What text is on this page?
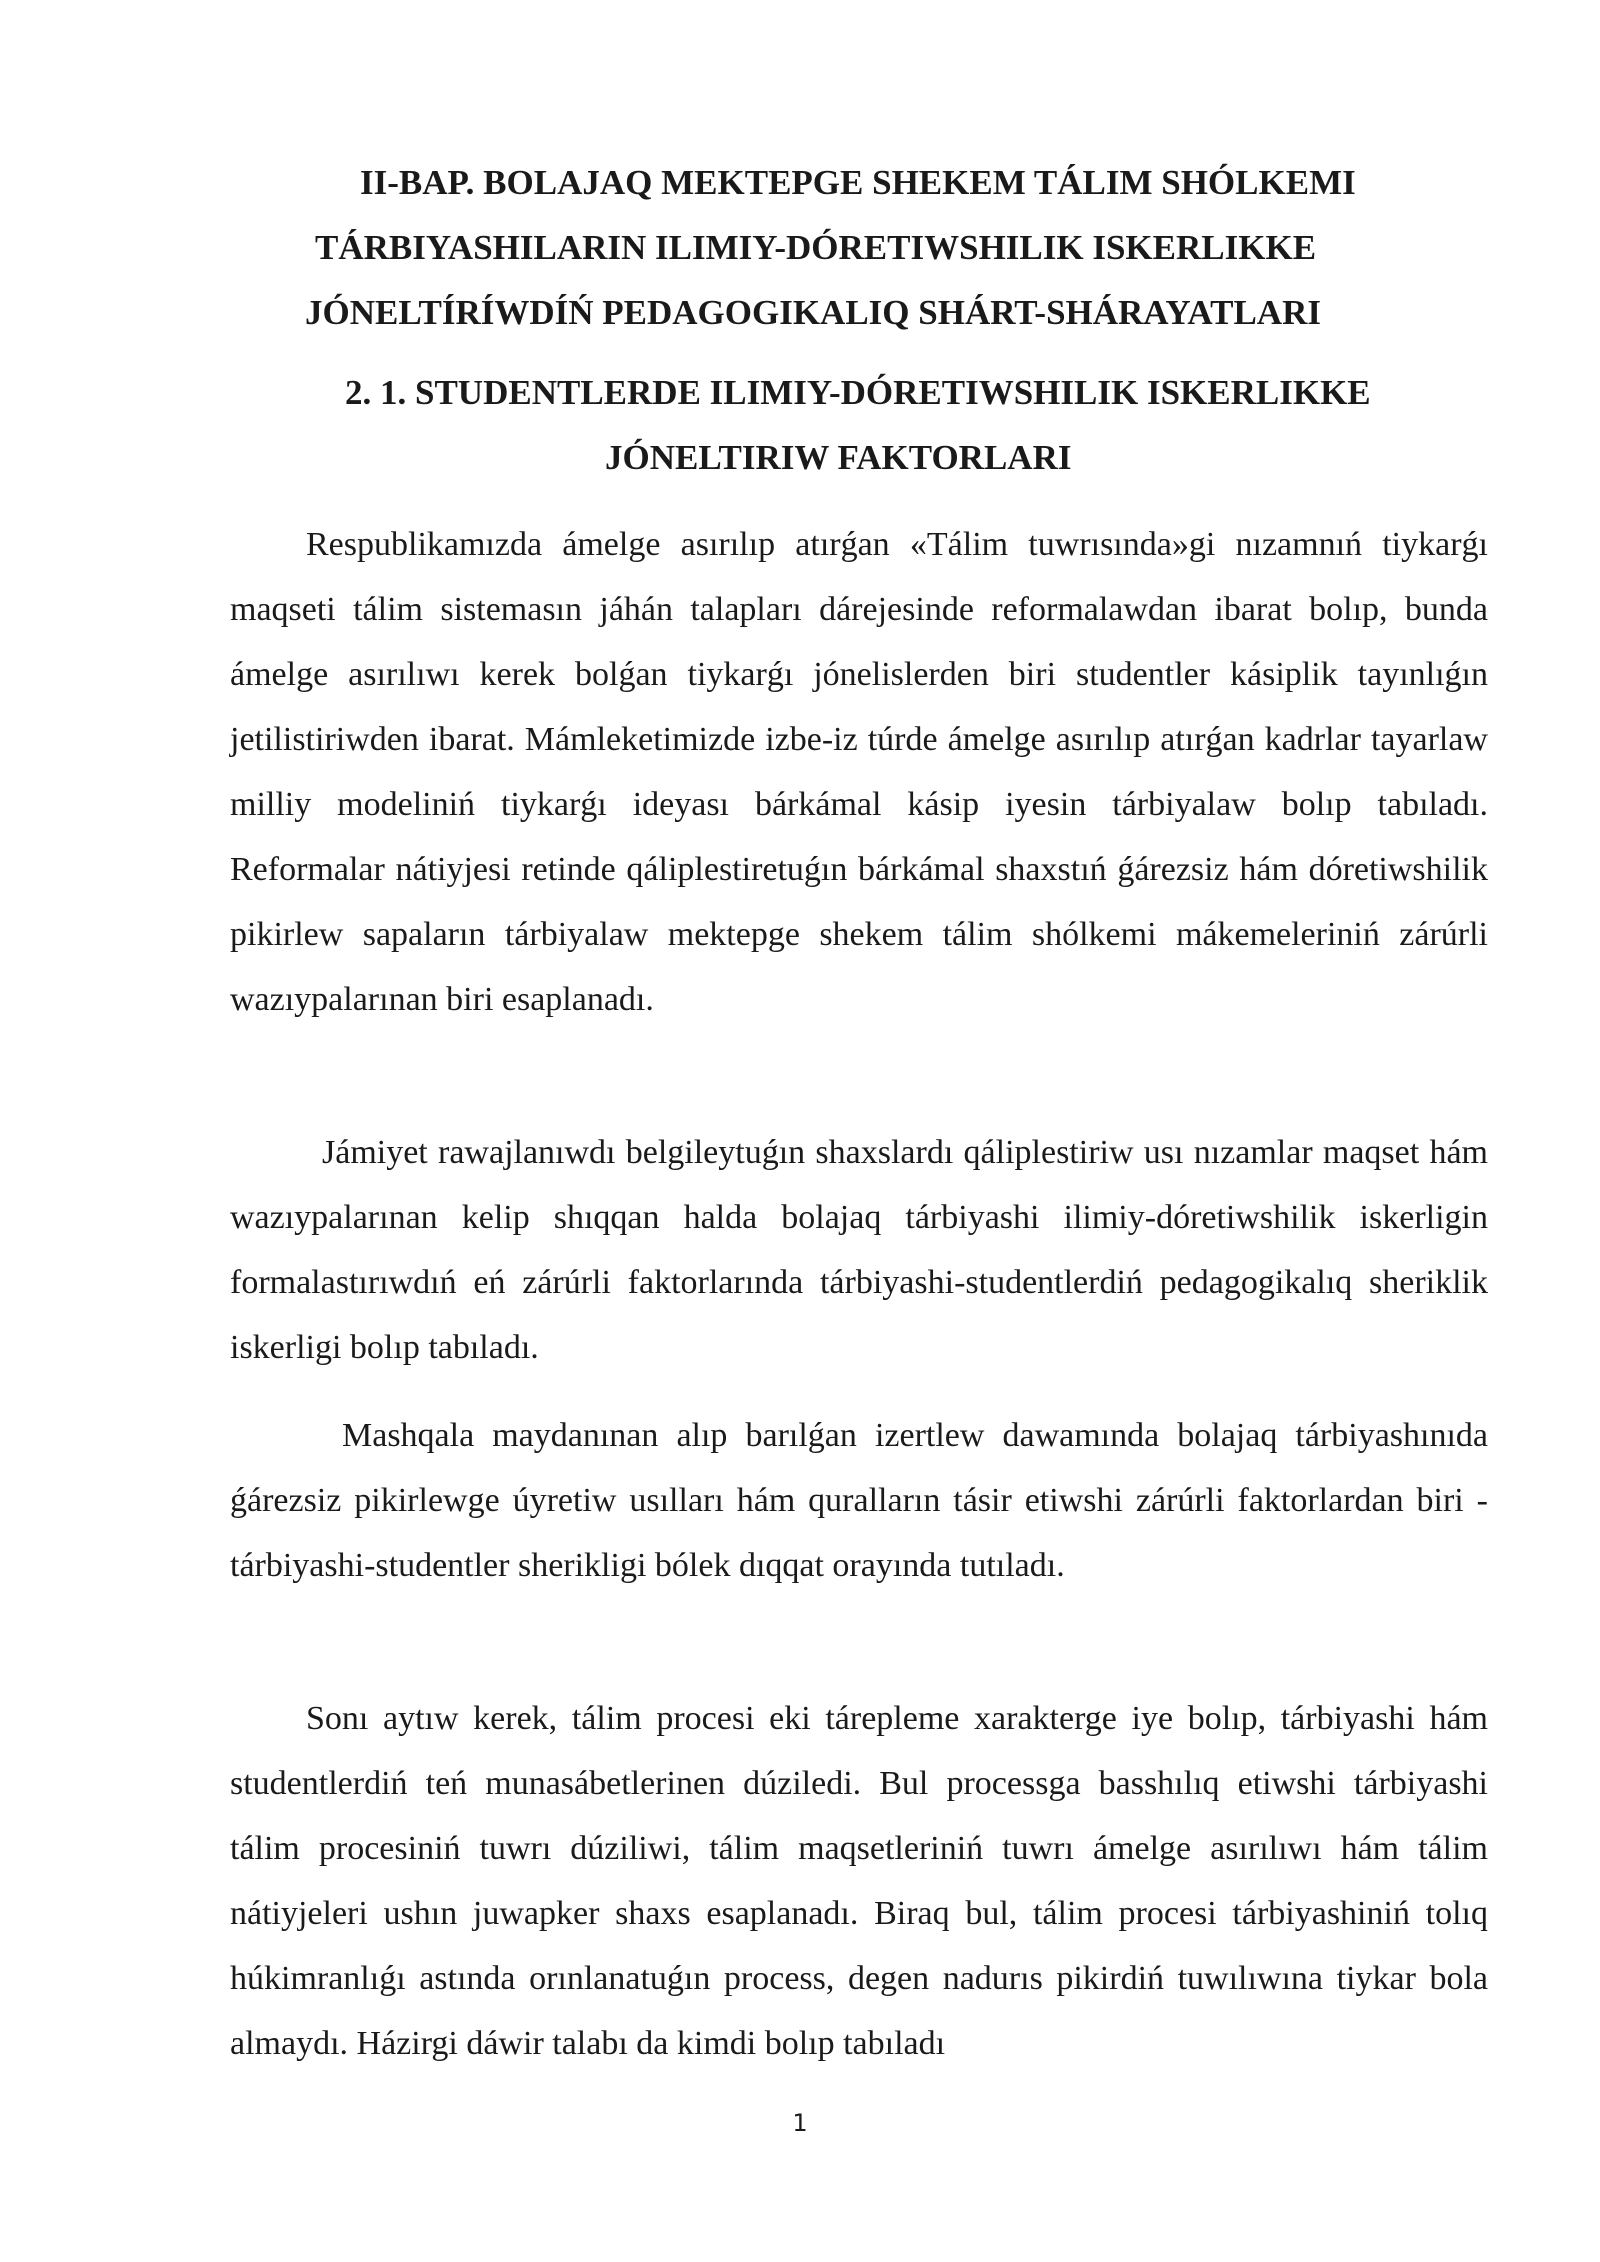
II-BAP. BOLAJAQ MEKTEPGE SHEKEM TÁLIM SHÓLKEMI
TÁRBIYASHILARIN ILIMIY-DÓRETIWSHILIK ISKERLIKKE
JÓNELTÍRÍWDÍŃ PEDAGOGIKALIQ SHÁRT-SHÁRAYATLARI
2. 1. STUDENTLERDE ILIMIY-DÓRETIWSHILIK ISKERLIKKE
JÓNELTIRIW FAKTORLARI

Respublikamızda ámelge asırılıp atırǵan «Tálim tuwrısında»gi nızamnıń tiykarǵı maqseti tálim sistemasın jáhán talapları dárejesinde reformalawdan ibarat bolıp, bunda ámelge asırılıwı kerek bolǵan tiykarǵı jónelislerden biri studentler kásiplik tayınlıǵın jetilistiriwden ibarat. Mámleketimizde izbe-iz túrde ámelge asırılıp atırǵan kadrlar tayarlaw milliy modeliniń tiykarǵı ideyası bárkámal kásip iyesin tárbiyalaw bolıp tabıladı. Reformalar nátiyjesi retinde qáliplestiretuǵın bárkámal shaxstıń ǵárezsiz hám dóretiwshilik pikirlew sapaların tárbiyalaw mektepge shekem tálim shólkemi mákemeleriniń zárúrli wazıypalarınan biri esaplanadı.

Jámiyet rawajlanıwdı belgileytuǵın shaxslardı qáliplestiriw usı nızamlar maqset hám wazıypalarınan kelip shıqqan halda bolajaq tárbiyashi ilimiy-dóretiwshilik iskerligin formalastırıwdıń eń zárúrli faktorlarında tárbiyashi-studentlerdiń pedagogikalıq sheriklik iskerligi bolıp tabıladı.

Mashqala maydanınan alıp barılǵan izertlew dawamında bolajaq tárbiyashınıda ǵárezsiz pikirlewge úyretiw usılları hám quralların tásir etiwshi zárúrli faktorlardan biri - tárbiyashi-studentler sherikligi bólek dıqqat orayında tutıladı.

Sonı aytıw kerek, tálim procesi eki tárepleme xarakterge iye bolıp, tárbiyashi hám studentlerdiń teń munasábetlerinen dúziledi. Bul processga basshılıq etiwshi tárbiyashi tálim procesiniń tuwrı dúziliwi, tálim maqsetleriniń tuwrı ámelge asırılıwı hám tálim nátiyjeleri ushın juwapker shaxs esaplanadı. Biraq bul, tálim procesi tárbiyashiniń tolıq húkimranlıǵı astında orınlanatuǵın process, degen nadurıs pikirdiń tuwılıwına tiykar bola almaydı. Házirgi dáwir talabı da kimdi bolıp tabıladı

1
